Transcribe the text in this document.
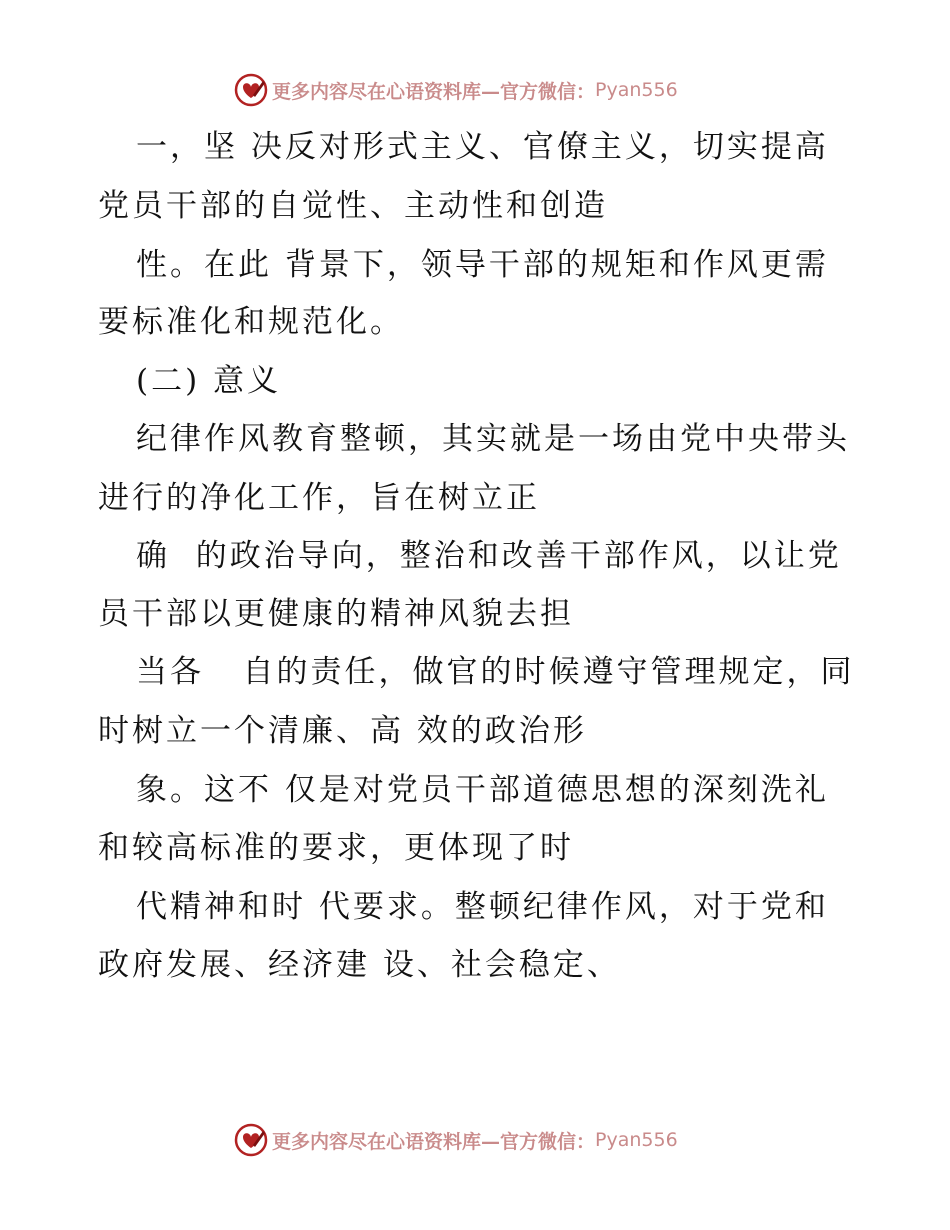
更多内容尽在心语资料库—官方微信： Pyan556
一，坚 决反对形式主义、官僚主义，切实提高
党员干部的自觉性、主动性和创造
性。在此 背景下，领导干部的规矩和作风更需
要标准化和规范化。
(二) 意义
纪律作风教育整顿，其实就是一场由党中央带头
进行的净化工作，旨在树立正
确  的政治导向，整治和改善干部作风，以让党
员干部以更健康的精神风貌去担
当各   自的责任，做官的时候遵守管理规定，同
时树立一个清廉、高 效的政治形
象。这不 仅是对党员干部道德思想的深刻洗礼
和较高标准的要求，更体现了时
代精神和时 代要求。整顿纪律作风，对于党和
政府发展、经济建 设、社会稳定、
更多内容尽在心语资料库—官方微信： Pyan556
